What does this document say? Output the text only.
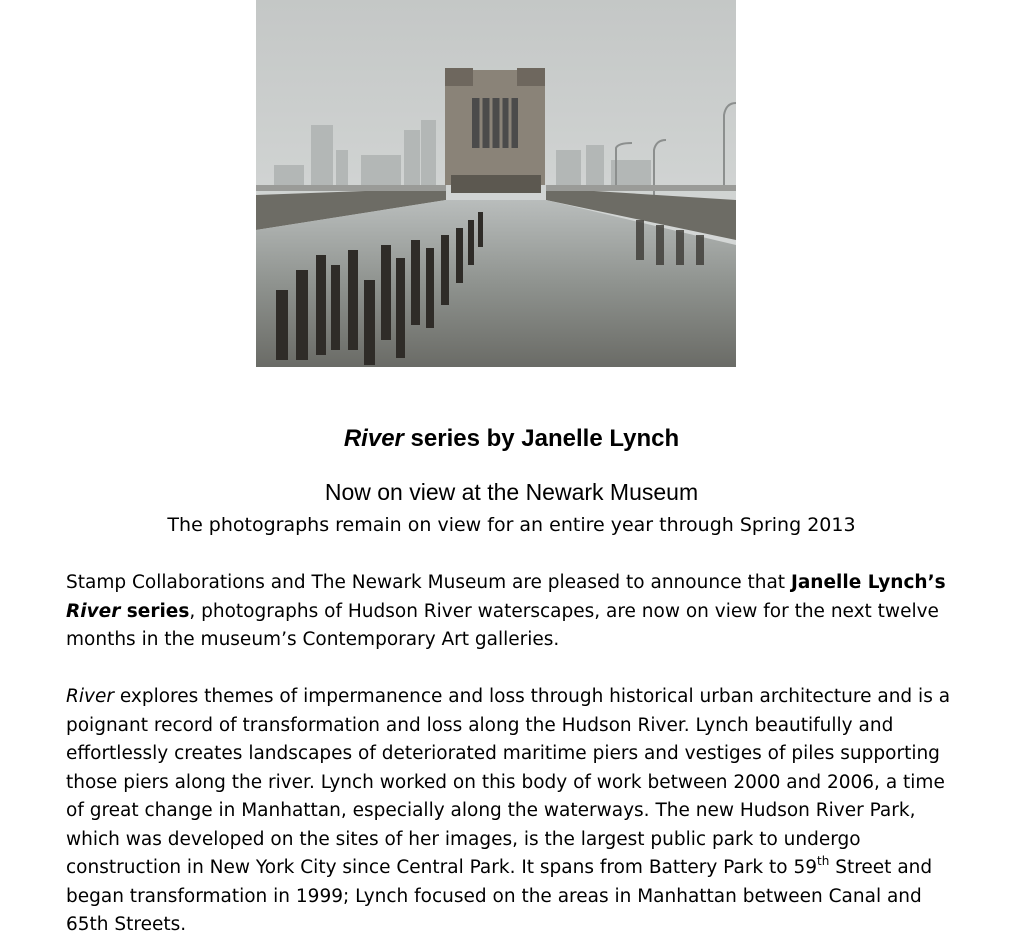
River series by Janelle Lynch
Now on view at the Newark Museum
The photographs remain on view for an entire year through Spring 2013

Stamp Collaborations and The Newark Museum are pleased to announce that Janelle Lynch’s River series, photographs of Hudson River waterscapes, are now on view for the next twelve months in the museum’s Contemporary Art galleries.

River explores themes of impermanence and loss through historical urban architecture and is a poignant record of transformation and loss along the Hudson River. Lynch beautifully and effortlessly creates landscapes of deteriorated maritime piers and vestiges of piles supporting those piers along the river. Lynch worked on this body of work between 2000 and 2006, a time of great change in Manhattan, especially along the waterways. The new Hudson River Park, which was developed on the sites of her images, is the largest public park to undergo construction in New York City since Central Park. It spans from Battery Park to 59th Street and began transformation in 1999; Lynch focused on the areas in Manhattan between Canal and 65th Streets.
